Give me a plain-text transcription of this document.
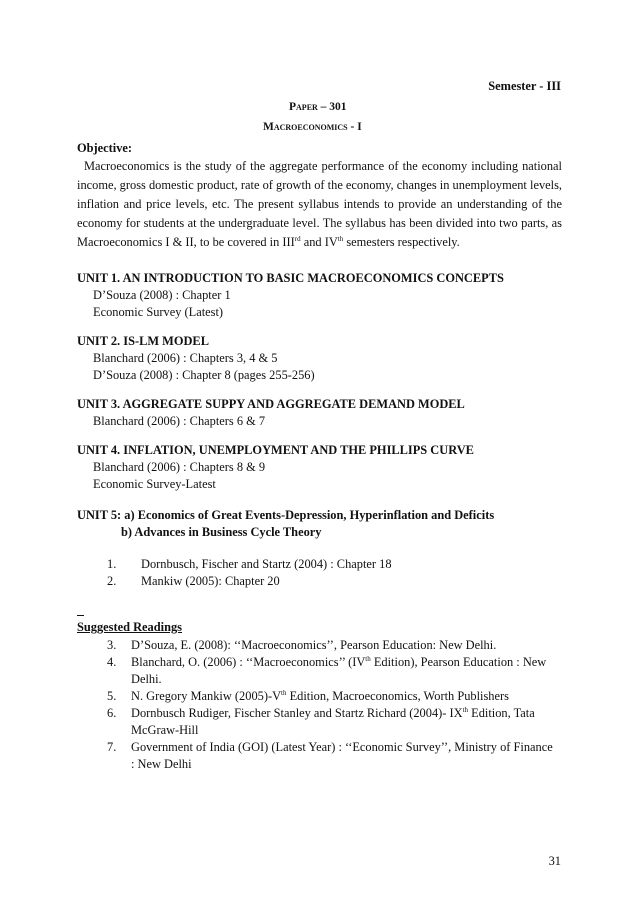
Semester - III
Paper – 301
Macroeconomics - I
Objective:
Macroeconomics is the study of the aggregate performance of the economy including national income, gross domestic product, rate of growth of the economy, changes in unemployment levels, inflation and price levels, etc. The present syllabus intends to provide an understanding of the economy for students at the undergraduate level. The syllabus has been divided into two parts, as Macroeconomics I & II, to be covered in IIIrd and IVth semesters respectively.
UNIT 1. AN INTRODUCTION TO BASIC MACROECONOMICS CONCEPTS
D’Souza (2008) : Chapter 1
Economic Survey (Latest)
UNIT 2. IS-LM MODEL
Blanchard (2006) : Chapters 3, 4 & 5
D’Souza (2008) : Chapter 8 (pages 255-256)
UNIT 3. AGGREGATE SUPPY AND AGGREGATE DEMAND MODEL
Blanchard (2006) : Chapters 6 & 7
UNIT 4. INFLATION, UNEMPLOYMENT AND THE PHILLIPS CURVE
Blanchard (2006) : Chapters 8 & 9
Economic Survey-Latest
UNIT 5: a) Economics of Great Events-Depression, Hyperinflation and Deficits
b) Advances in Business Cycle Theory
1. Dornbusch, Fischer and Startz (2004) : Chapter 18
2. Mankiw (2005): Chapter 20
Suggested Readings
3. D’Souza, E. (2008): ‘‘Macroeconomics’’, Pearson Education: New Delhi.
4. Blanchard, O. (2006) : ‘‘Macroeconomics’’ (IVth Edition), Pearson Education : New
Delhi.
5. N. Gregory Mankiw (2005)-Vth Edition, Macroeconomics, Worth Publishers
6. Dornbusch Rudiger, Fischer Stanley and Startz Richard (2004)- IXth Edition, Tata
McGraw-Hill
7. Government of India (GOI) (Latest Year) : ‘‘Economic Survey’’, Ministry of Finance
: New Delhi
31
